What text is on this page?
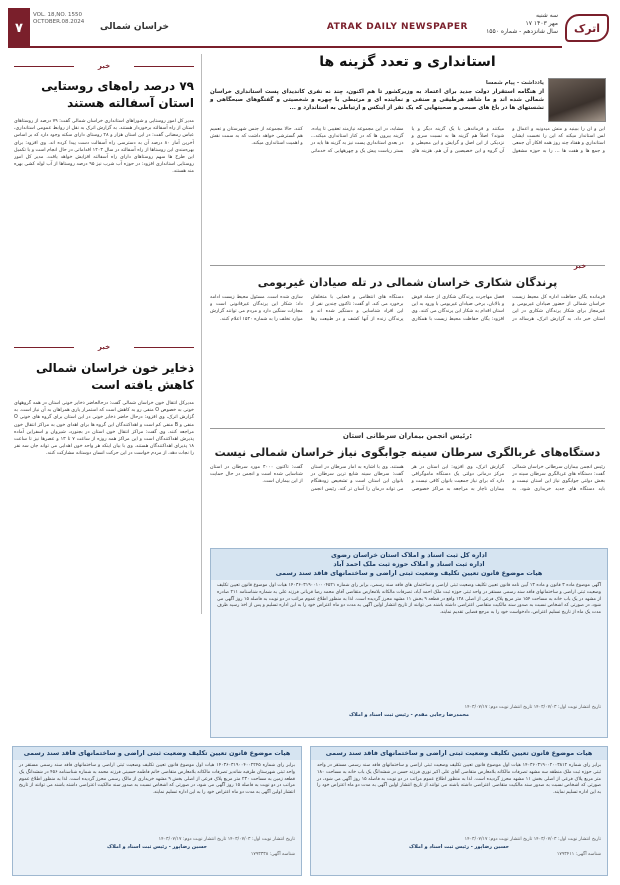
۷
VOL. 18,NO. 1550
OCTOBER.08.2024	خراسان شمالی	ATRAK DAILY NEWSPAPER
سه شنبه
۱۷ مهر ۱۴۰۳
سال شانزدهم - شماره ۱۵۵۰	اترک
خبر
۷۹ درصد راه‌های روستایی استان آسفالته هستند
مدیر کل امور روستایی و شوراهای استانداری خراسان شمالی گفت: ۷۹ درصد از روستاهای استان از راه آسفالته برخوردار هستند. به گزارش اترک به نقل از روابط عمومی استانداری، عباس رمضانی گفت: در این استان هزار و ۲۸ روستای دارای سکنه وجود دارد که بر اساس آخرین آمار ۸۰ درصد آن به دسترسی راه آسفالت دست پیدا کرده اند. وی افزود: برای بهره‌مندی این روستاها از راه آسفالته در سال ۱۴۰۳ اقداماتی در حال انجام است و با تکمیل این طرح ها سهم روستاهای دارای راه آسفالته افزایش خواهد یافت. مدیر کل امور روستایی استانداری افزود: در حوزه آب شرب نیز ۹۵ درصد روستاها از آب لوله کشی بهره مند هستند.
خبر
ذخایر خون خراسان شمالی کاهش یافته است
مدیرکل انتقال خون خراسان شمالی گفت: درحالحاضر ذخایر خونی استان در همه گروههای خونی به خصوص O منفی رو به کاهش است که استمرار یاری همراهان به آن نیاز است. به گزارش اترک، وی افزود: درحال حاضر ذخایر خونی در این استان برای گروه های خونی O منفی و B منفی کم است و اهداکنندگان این گروه ها برای اهدای خون به مراکز انتقال خون مراجعه کنند. وی گفت: مراکز انتقال خون استان در بجنورد، شیروان و اسفراین آماده پذیرش اهداکنندگان است و این مراکز همه روزه از ساعت ۷ تا ۱۳ و عصرها نیز تا ساعت ۱۸ پذیرای اهداکنندگان هستند. وی با بیان اینکه هر واحد خون اهدایی می تواند جان سه نفر را نجات دهد، از مردم خواست در این حرکت انسان دوستانه مشارکت کنند.
استانداری و تعدد گزینه ها
یادداشت - پیام شمسا
از هنگامه استقرار دولت جدید برای اعتماد به وزیرکشور تا هم اکنون، چند نه نفری کاندیدای پست استانداری خراسان شمالی شده اند و ما شاهد هرطیفی و صنفی و نماینده ای و مرتبطی با چهره و شخصیتی و گفتگوهای صبحگاهی و نشستهای ها در باغ های صبحی و صحبتهایی که یک نفر از اینکس و ارتباطی به استاندارد و ...
این و آن را ببینید و منش میدونید و اعمال و لس استاندار میکند که این را نخست ایشان استانداری و هفتاد چند روز همه افکار آن جمعی و جمع ها و هفت ها ... را به حوزه مشغول میکنند و فرماندهی با یک گزینه دیگر و یا شوند؟ اصلاً هم گزینه ها به نسبت سری و نزدیکی از این اصل و گرایش و این محیطی و آن گروه و این خصیصین و آن هم. هزینه های مشابه، در این مجموعه نیازمند تعقیبی تا پیاده. گزینه بیرون ها که در کنار استانداری میکند... در بعدی استانداری پست نیز به گزینه ها باید در بستر ریاست پیش یک و چهرههایی که خدماتی کنند. حالا مجموعه از جنس شهرستان و تعمیم هم گسترشی خواهد داشت که به سمت نقش و اهمیت استانداری میکند.
خبر
پرندگان شکاری خراسان شمالی در تله صیادان غیربومی
فرمانده یگان حفاظت اداره کل محیط زیست خراسان شمالی از حضور صیادان غیربومی و غیرمجاز برای شکار پرندگان شکاری در این استان خبر داد. به گزارش اترک، هرساله در فصل مهاجرت پرندگان شکاری از جمله قوش و بالابان، برخی صیادان غیربومی با ورود به این استان اقدام به شکار این پرندگان می کنند. وی افزود: یگان حفاظت محیط زیست با همکاری دستگاه های انتظامی و قضایی با متخلفان برخورد می کند. او گفت: تاکنون چندین نفر از این افراد شناسایی و دستگیر شده اند و پرندگان زنده از آنها کشف و در طبیعت رها سازی شده است. مسئول محیط زیست ادامه داد: شکار این پرندگان غیرقانونی است و مجازات سنگین دارد و مردم می توانند گزارش موارد تخلف را به شماره ۱۵۴۰ اعلام کنند.
رئیس انجمن بیماران سرطانی استان:
دستگاه‌های غربالگری سرطان سینه جوابگوی نیاز خراسان شمالی نیست
رئیس انجمن بیماران سرطانی خراسان شمالی گفت: دستگاه های غربالگری سرطان سینه در بخش دولتی جوابگوی نیاز این استان نیست و باید دستگاه های جدید خریداری شود. به گزارش اترک، وی افزود: این استان در هر مرکز درمانی دولتی یک دستگاه ماموگرافی دارد که برای نیاز جمعیت بانوان کافی نیست و بیماران ناچار به مراجعه به مراکز خصوصی هستند. وی با اشاره به آمار سرطان در استان گفت: سرطان سینه شایع ترین سرطان در بانوان این استان است و تشخیص زودهنگام می تواند درمان را آسان تر کند. رئیس انجمن گفت: تاکنون ۴۰۰۰ مورد سرطان در استان شناسایی شده است و انجمن در حال حمایت از این بیماران است.
اداره کل ثبت اسناد و املاک استان خراسان رضوی
اداره ثبت اسناد و املاک حوزه ثبت ملک احمد آباد
هیات موضوع قانون تعیین تکلیف وضعیت ثبتی اراضی و ساختمانهای فاقد سند رسمی
آگهی موضوع ماده ۳ قانون و ماده ۱۳ آیین نامه قانون تعیین تکلیف وضعیت ثبتی اراضی و ساختمان های فاقد سند رسمی، برابر رای شماره ۱۴۰۳۶۰۳۱۹۰۰۱۰۰۰۴۵۲۱ هیات اول موضوع قانون تعیین تکلیف وضعیت ثبتی اراضی و ساختمانهای فاقد سند رسمی مستقر در واحد ثبتی حوزه ثبت ملک احمد آباد، تصرفات مالکانه بلامعارض متقاضی آقای محمد رضا قربانی فرزند علی به شماره شناسنامه ۲۱۱ صادره از مشهد در یک باب خانه به مساحت ۱۵۴ متر مربع پلاک فرعی از اصلی ۱۲۸ واقع در قطعه ۹ بخش ۱۱ مشهد محرز گردیده است. لذا به منظور اطلاع عموم مراتب در دو نوبت به فاصله ۱۵ روز آگهی می شود، در صورتی که اشخاص نسبت به صدور سند مالکیت متقاضی اعتراضی داشته باشند می توانند از تاریخ انتشار اولین آگهی به مدت دو ماه اعتراض خود را به این اداره تسلیم و پس از اخذ رسید ظرف مدت یک ماه از تاریخ تسلیم اعتراض، دادخواست خود را به مرجع قضایی تقدیم نمایند.
تاریخ انتشار نوبت اول: ۱۴۰۳/۰۷/۰۳ تاریخ انتشار نوبت دوم: ۱۴۰۳/۰۷/۱۷
محمدرضا رجایی مقدم - رئیس ثبت اسناد و املاک
هیات موضوع قانون تعیین تکلیف وضعیت ثبتی اراضی و ساختمانهای فاقد سند رسمی
برابر رای شماره ۱۴۰۳۶۰۳۱۹۰۰۴۰۰۲۲۴۵ هیات اول موضوع قانون تعیین تکلیف وضعیت ثبتی اراضی و ساختمانهای فاقد سند رسمی مستقر در واحد ثبتی شهرستان طرقبه شاندیز تصرفات مالکانه بلامعارض متقاضی خانم فاطمه حسینی فرزند محمد به شماره شناسنامه ۴۵۶ در ششدانگ یک قطعه زمین به مساحت ۲۳۰ متر مربع پلاک فرعی از اصلی بخش ۹ مشهد خریداری از مالک رسمی محرز گردیده است. لذا به منظور اطلاع عموم مراتب در دو نوبت به فاصله ۱۵ روز آگهی می شود، در صورتی که اشخاص نسبت به صدور سند مالکیت اعتراضی داشته باشند می توانند از تاریخ انتشار اولین آگهی به مدت دو ماه اعتراض خود را به این اداره تسلیم نمایند.
تاریخ انتشار نوبت اول: ۱۴۰۳/۰۷/۰۳ تاریخ انتشار نوبت دوم: ۱۴۰۳/۰۷/۱۷
حسین رضاپور - رئیس ثبت اسناد و املاک
شناسه آگهی: ۱۷۹۳۳۳۸
هیات موضوع قانون تعیین تکلیف وضعیت ثبتی اراضی و ساختمانهای فاقد سند رسمی
برابر رای شماره ۱۴۰۳۶۰۳۱۹۰۰۲۰۰۳۸۱۲ هیات اول موضوع قانون تعیین تکلیف وضعیت ثبتی اراضی و ساختمانهای فاقد سند رسمی مستقر در واحد ثبتی حوزه ثبت ملک منطقه سه مشهد تصرفات مالکانه بلامعارض متقاضی آقای علی اکبر نوری فرزند حسن در ششدانگ یک باب خانه به مساحت ۱۸۰ متر مربع پلاک فرعی از اصلی بخش ۱۱ مشهد محرز گردیده است. لذا به منظور اطلاع عموم مراتب در دو نوبت به فاصله ۱۵ روز آگهی می شود، در صورتی که اشخاص نسبت به صدور سند مالکیت متقاضی اعتراضی داشته باشند می توانند از تاریخ انتشار اولین آگهی به مدت دو ماه اعتراض خود را به این اداره تسلیم نمایند.
تاریخ انتشار نوبت اول: ۱۴۰۳/۰۷/۰۳ تاریخ انتشار نوبت دوم: ۱۴۰۳/۰۷/۱۷
حسین رضاپور - رئیس ثبت اسناد و املاک
شناسه آگهی: ۱۷۹۳۴۱۱
